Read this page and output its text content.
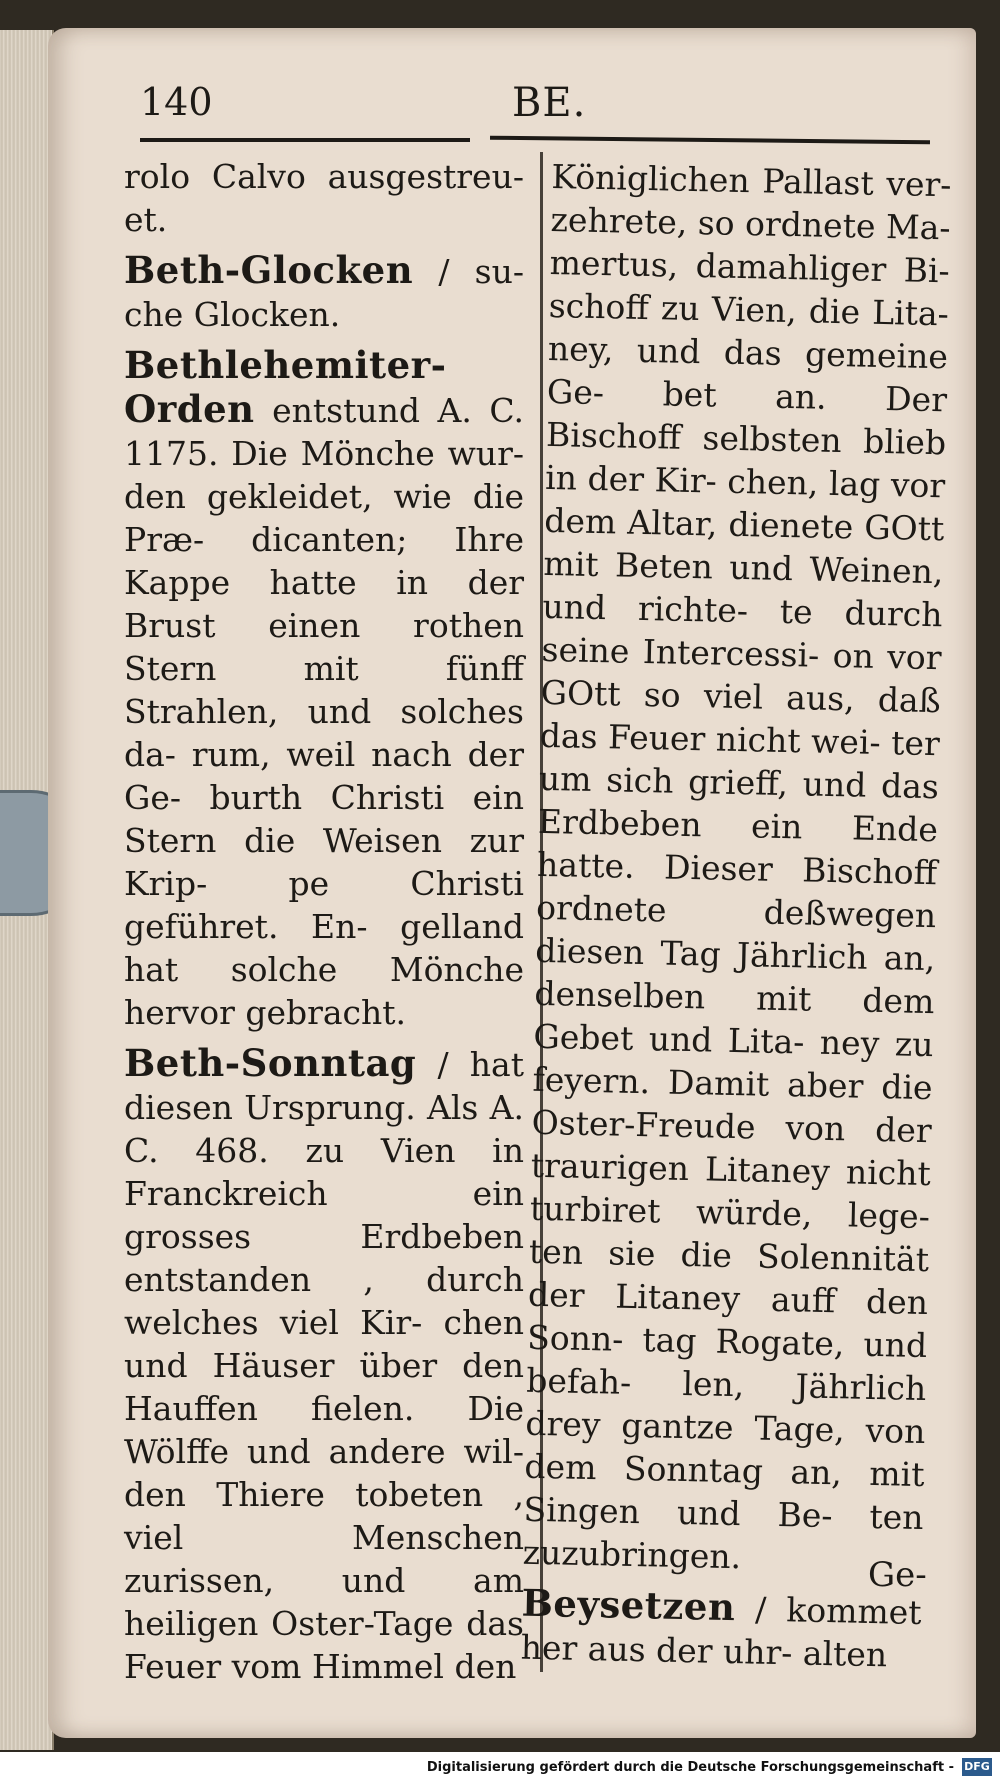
140	BE.

rolo Calvo ausgestreu- et.

Beth-Glocken / su- che Glocken.

Bethlehemiter- Orden entstund A. C. 1175. Die Mönche wur- den gekleidet, wie die Præ- dicanten; Ihre Kappe hatte in der Brust einen rothen Stern mit fünff Strahlen, und solches da- rum, weil nach der Ge- burth Christi ein Stern die Weisen zur Krip- pe Christi geführet. En- gelland hat solche Mönche hervor gebracht.

Beth-Sonntag / hat diesen Ursprung. Als A. C. 468. zu Vien in Franckreich ein grosses Erdbeben entstanden , durch welches viel Kir- chen und Häuser über den Hauffen fielen. Die Wölffe und andere wil- den Thiere tobeten , viel Menschen zurissen, und am heiligen Oster-Tage das Feuer vom Himmel den

Königlichen Pallast ver- zehrete, so ordnete Ma- mertus, damahliger Bi- schoff zu Vien, die Lita- ney, und das gemeine Ge- bet an. Der Bischoff selbsten blieb in der Kir- chen, lag vor dem Altar, dienete GOtt mit Beten und Weinen, und richte- te durch seine Intercessi- on vor GOtt so viel aus, daß das Feuer nicht wei- ter um sich grieff, und das Erdbeben ein Ende hatte. Dieser Bischoff ordnete deßwegen diesen Tag Jährlich an, denselben mit dem Gebet und Lita- ney zu feyern. Damit aber die Oster-Freude von der traurigen Litaney nicht turbiret würde, lege- ten sie die Solennität der Litaney auff den Sonn- tag Rogate, und befah- len, Jährlich drey gantze Tage, von dem Sonntag an, mit Singen und Be- ten zuzubringen.

Beysetzen / kommet her aus der uhr- alten

Ge-
Digitalisierung gefördert durch die Deutsche Forschungsgemeinschaft - DFG
